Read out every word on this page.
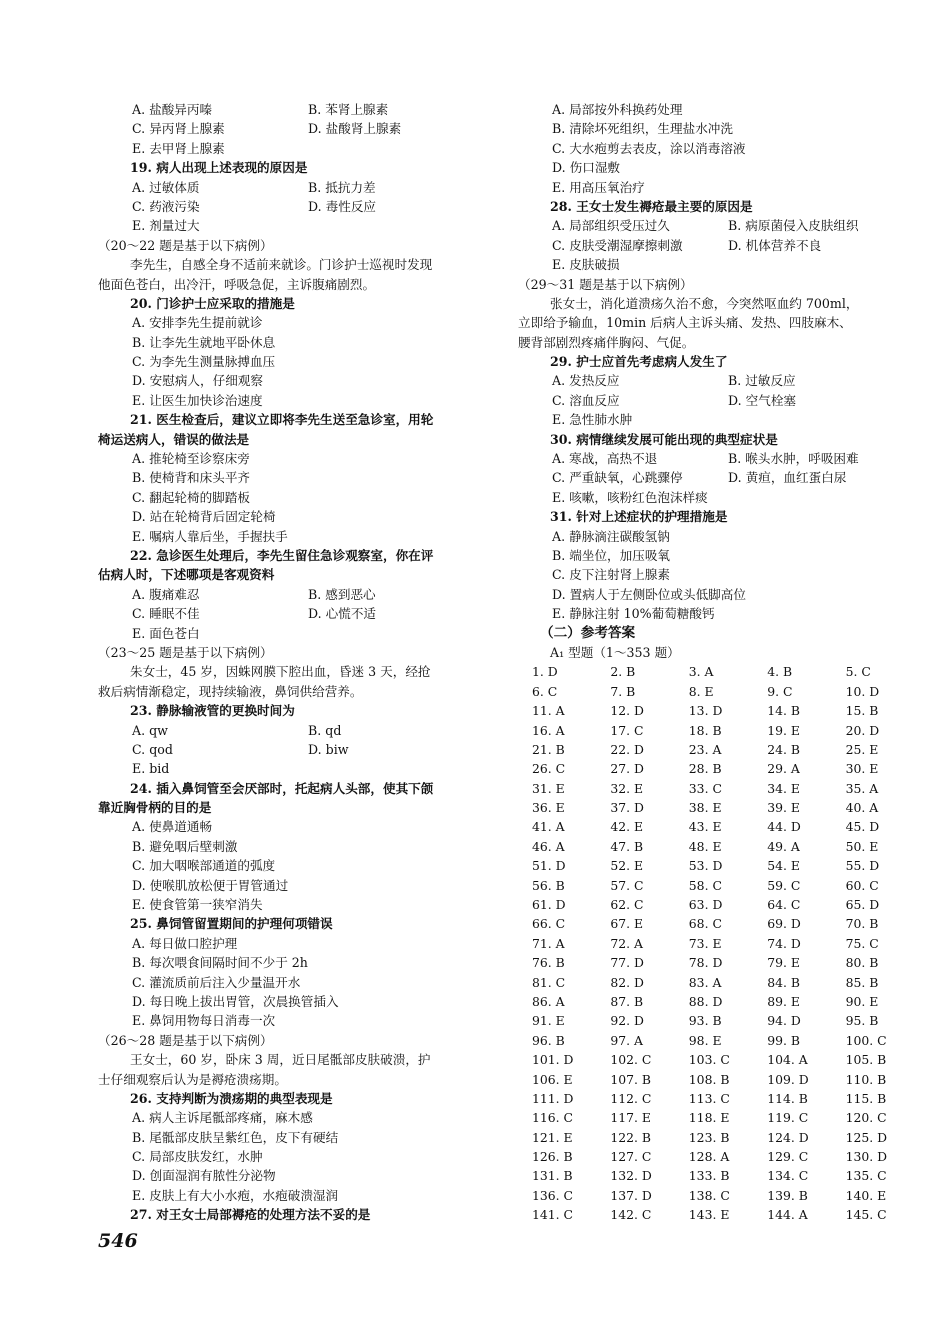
A. 盐酸异丙嗪	B. 苯肾上腺素
C. 异丙肾上腺素	D. 盐酸肾上腺素
E. 去甲肾上腺素
19. 病人出现上述表现的原因是
A. 过敏体质	B. 抵抗力差
C. 药液污染	D. 毒性反应
E. 剂量过大
（20～22 题是基于以下病例）
李先生，自感全身不适前来就诊。门诊护士巡视时发现
他面色苍白，出冷汗，呼吸急促，主诉腹痛剧烈。
20. 门诊护士应采取的措施是
A. 安排李先生提前就诊
B. 让李先生就地平卧休息
C. 为李先生测量脉搏血压
D. 安慰病人，仔细观察
E. 让医生加快诊治速度
21. 医生检查后，建议立即将李先生送至急诊室，用轮
椅运送病人，错误的做法是
A. 推轮椅至诊察床旁
B. 使椅背和床头平齐
C. 翻起轮椅的脚踏板
D. 站在轮椅背后固定轮椅
E. 嘱病人靠后坐，手握扶手
22. 急诊医生处理后，李先生留住急诊观察室，你在评
估病人时，下述哪项是客观资料
A. 腹痛难忍	B. 感到恶心
C. 睡眠不佳	D. 心慌不适
E. 面色苍白
（23～25 题是基于以下病例）
朱女士，45 岁，因蛛网膜下腔出血，昏迷 3 天，经抢
救后病情渐稳定，现持续输液，鼻饲供给营养。
23. 静脉输液管的更换时间为
A. qw	B. qd
C. qod	D. biw
E. bid
24. 插入鼻饲管至会厌部时，托起病人头部，使其下颌
靠近胸骨柄的目的是
A. 使鼻道通畅
B. 避免咽后壁刺激
C. 加大咽喉部通道的弧度
D. 使喉肌放松便于胃管通过
E. 使食管第一狭窄消失
25. 鼻饲管留置期间的护理何项错误
A. 每日做口腔护理
B. 每次喂食间隔时间不少于 2h
C. 灌流质前后注入少量温开水
D. 每日晚上拔出胃管，次晨换管插入
E. 鼻饲用物每日消毒一次
（26～28 题是基于以下病例）
王女士，60 岁，卧床 3 周，近日尾骶部皮肤破溃，护
士仔细观察后认为是褥疮溃疡期。
26. 支持判断为溃疡期的典型表现是
A. 病人主诉尾骶部疼痛，麻木感
B. 尾骶部皮肤呈紫红色，皮下有硬结
C. 局部皮肤发红，水肿
D. 创面湿润有脓性分泌物
E. 皮肤上有大小水疱，水疱破溃湿润
27. 对王女士局部褥疮的处理方法不妥的是
A. 局部按外科换药处理
B. 清除坏死组织，生理盐水冲洗
C. 大水疱剪去表皮，涂以消毒溶液
D. 伤口湿敷
E. 用高压氧治疗
28. 王女士发生褥疮最主要的原因是
A. 局部组织受压过久	B. 病原菌侵入皮肤组织
C. 皮肤受潮湿摩擦刺激	D. 机体营养不良
E. 皮肤破损
（29～31 题是基于以下病例）
张女士，消化道溃疡久治不愈，今突然呕血约 700ml，
立即给予输血，10min 后病人主诉头痛、发热、四肢麻木、
腰背部剧烈疼痛伴胸闷、气促。
29. 护士应首先考虑病人发生了
A. 发热反应	B. 过敏反应
C. 溶血反应	D. 空气栓塞
E. 急性肺水肿
30. 病情继续发展可能出现的典型症状是
A. 寒战，高热不退	B. 喉头水肿，呼吸困难
C. 严重缺氧，心跳骤停	D. 黄疸，血红蛋白尿
E. 咳嗽，咳粉红色泡沫样痰
31. 针对上述症状的护理措施是
A. 静脉滴注碳酸氢钠
B. 端坐位，加压吸氧
C. 皮下注射肾上腺素
D. 置病人于左侧卧位或头低脚高位
E. 静脉注射 10%葡萄糖酸钙
（二）参考答案
A₁ 型题（1～353 题）
1. D	2. B	3. A	4. B	5. C
6. C	7. B	8. E	9. C	10. D
11. A	12. D	13. D	14. B	15. B
16. A	17. C	18. B	19. E	20. D
21. B	22. D	23. A	24. B	25. E
26. C	27. D	28. B	29. A	30. E
31. E	32. E	33. C	34. E	35. A
36. E	37. D	38. E	39. E	40. A
41. A	42. E	43. E	44. D	45. D
46. A	47. B	48. E	49. A	50. E
51. D	52. E	53. D	54. E	55. D
56. B	57. C	58. C	59. C	60. C
61. D	62. C	63. D	64. C	65. D
66. C	67. E	68. C	69. D	70. B
71. A	72. A	73. E	74. D	75. C
76. B	77. D	78. D	79. E	80. B
81. C	82. D	83. A	84. B	85. B
86. A	87. B	88. D	89. E	90. E
91. E	92. D	93. B	94. D	95. B
96. B	97. A	98. E	99. B	100. C
101. D	102. C	103. C	104. A	105. B
106. E	107. B	108. B	109. D	110. B
111. D	112. C	113. C	114. B	115. B
116. C	117. E	118. E	119. C	120. C
121. E	122. B	123. B	124. D	125. D
126. B	127. C	128. A	129. C	130. D
131. B	132. D	133. B	134. C	135. C
136. C	137. D	138. C	139. B	140. E
141. C	142. C	143. E	144. A	145. C
546
